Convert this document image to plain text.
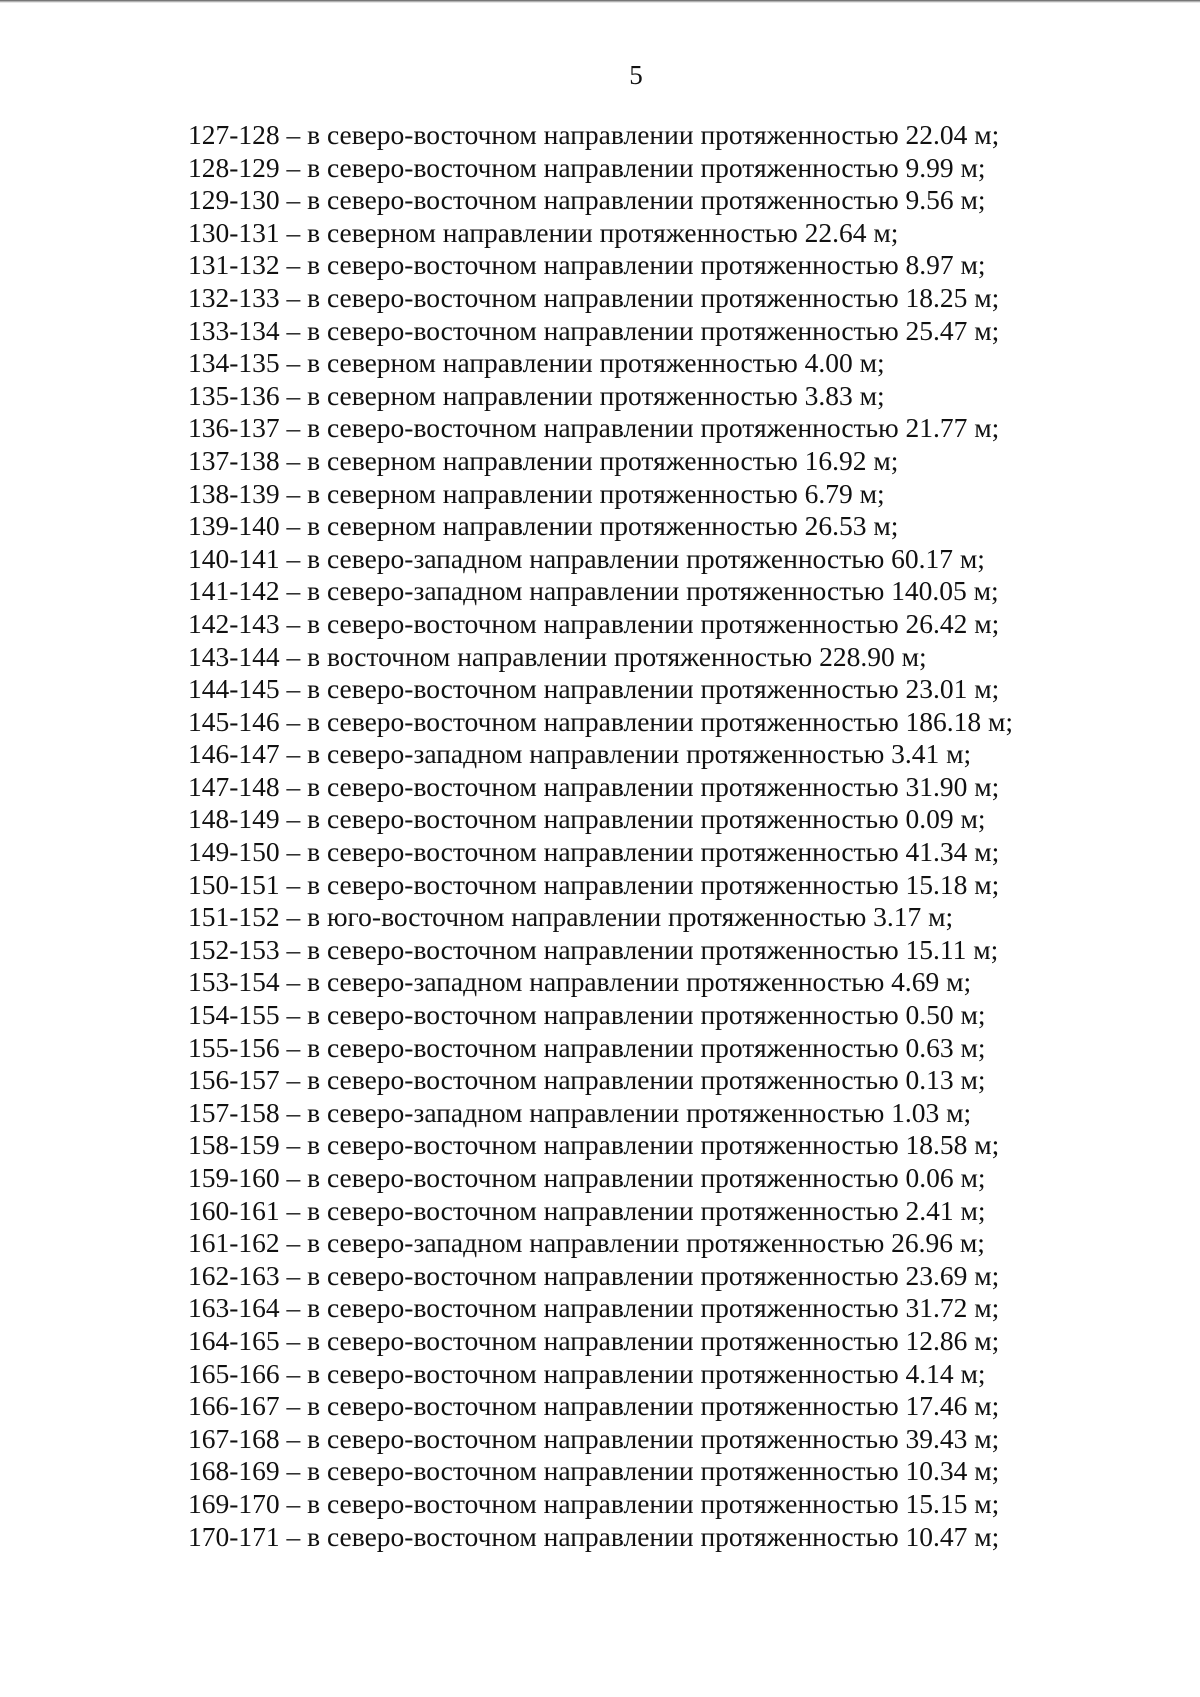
5
127-128 – в северо-восточном направлении протяженностью 22.04 м;
128-129 – в северо-восточном направлении протяженностью 9.99 м;
129-130 – в северо-восточном направлении протяженностью 9.56 м;
130-131 – в северном направлении протяженностью 22.64 м;
131-132 – в северо-восточном направлении протяженностью 8.97 м;
132-133 – в северо-восточном направлении протяженностью 18.25 м;
133-134 – в северо-восточном направлении протяженностью 25.47 м;
134-135 – в северном направлении протяженностью 4.00 м;
135-136 – в северном направлении протяженностью 3.83 м;
136-137 – в северо-восточном направлении протяженностью 21.77 м;
137-138 – в северном направлении протяженностью 16.92 м;
138-139 – в северном направлении протяженностью 6.79 м;
139-140 – в северном направлении протяженностью 26.53 м;
140-141 – в северо-западном направлении протяженностью 60.17 м;
141-142 – в северо-западном направлении протяженностью 140.05 м;
142-143 – в северо-восточном направлении протяженностью 26.42 м;
143-144 – в восточном направлении протяженностью 228.90 м;
144-145 – в северо-восточном направлении протяженностью 23.01 м;
145-146 – в северо-восточном направлении протяженностью 186.18 м;
146-147 – в северо-западном направлении протяженностью 3.41 м;
147-148 – в северо-восточном направлении протяженностью 31.90 м;
148-149 – в северо-восточном направлении протяженностью 0.09 м;
149-150 – в северо-восточном направлении протяженностью 41.34 м;
150-151 – в северо-восточном направлении протяженностью 15.18 м;
151-152 – в юго-восточном направлении протяженностью 3.17 м;
152-153 – в северо-восточном направлении протяженностью 15.11 м;
153-154 – в северо-западном направлении протяженностью 4.69 м;
154-155 – в северо-восточном направлении протяженностью 0.50 м;
155-156 – в северо-восточном направлении протяженностью 0.63 м;
156-157 – в северо-восточном направлении протяженностью 0.13 м;
157-158 – в северо-западном направлении протяженностью 1.03 м;
158-159 – в северо-восточном направлении протяженностью 18.58 м;
159-160 – в северо-восточном направлении протяженностью 0.06 м;
160-161 – в северо-восточном направлении протяженностью 2.41 м;
161-162 – в северо-западном направлении протяженностью 26.96 м;
162-163 – в северо-восточном направлении протяженностью 23.69 м;
163-164 – в северо-восточном направлении протяженностью 31.72 м;
164-165 – в северо-восточном направлении протяженностью 12.86 м;
165-166 – в северо-восточном направлении протяженностью 4.14 м;
166-167 – в северо-восточном направлении протяженностью 17.46 м;
167-168 – в северо-восточном направлении протяженностью 39.43 м;
168-169 – в северо-восточном направлении протяженностью 10.34 м;
169-170 – в северо-восточном направлении протяженностью 15.15 м;
170-171 – в северо-восточном направлении протяженностью 10.47 м;
